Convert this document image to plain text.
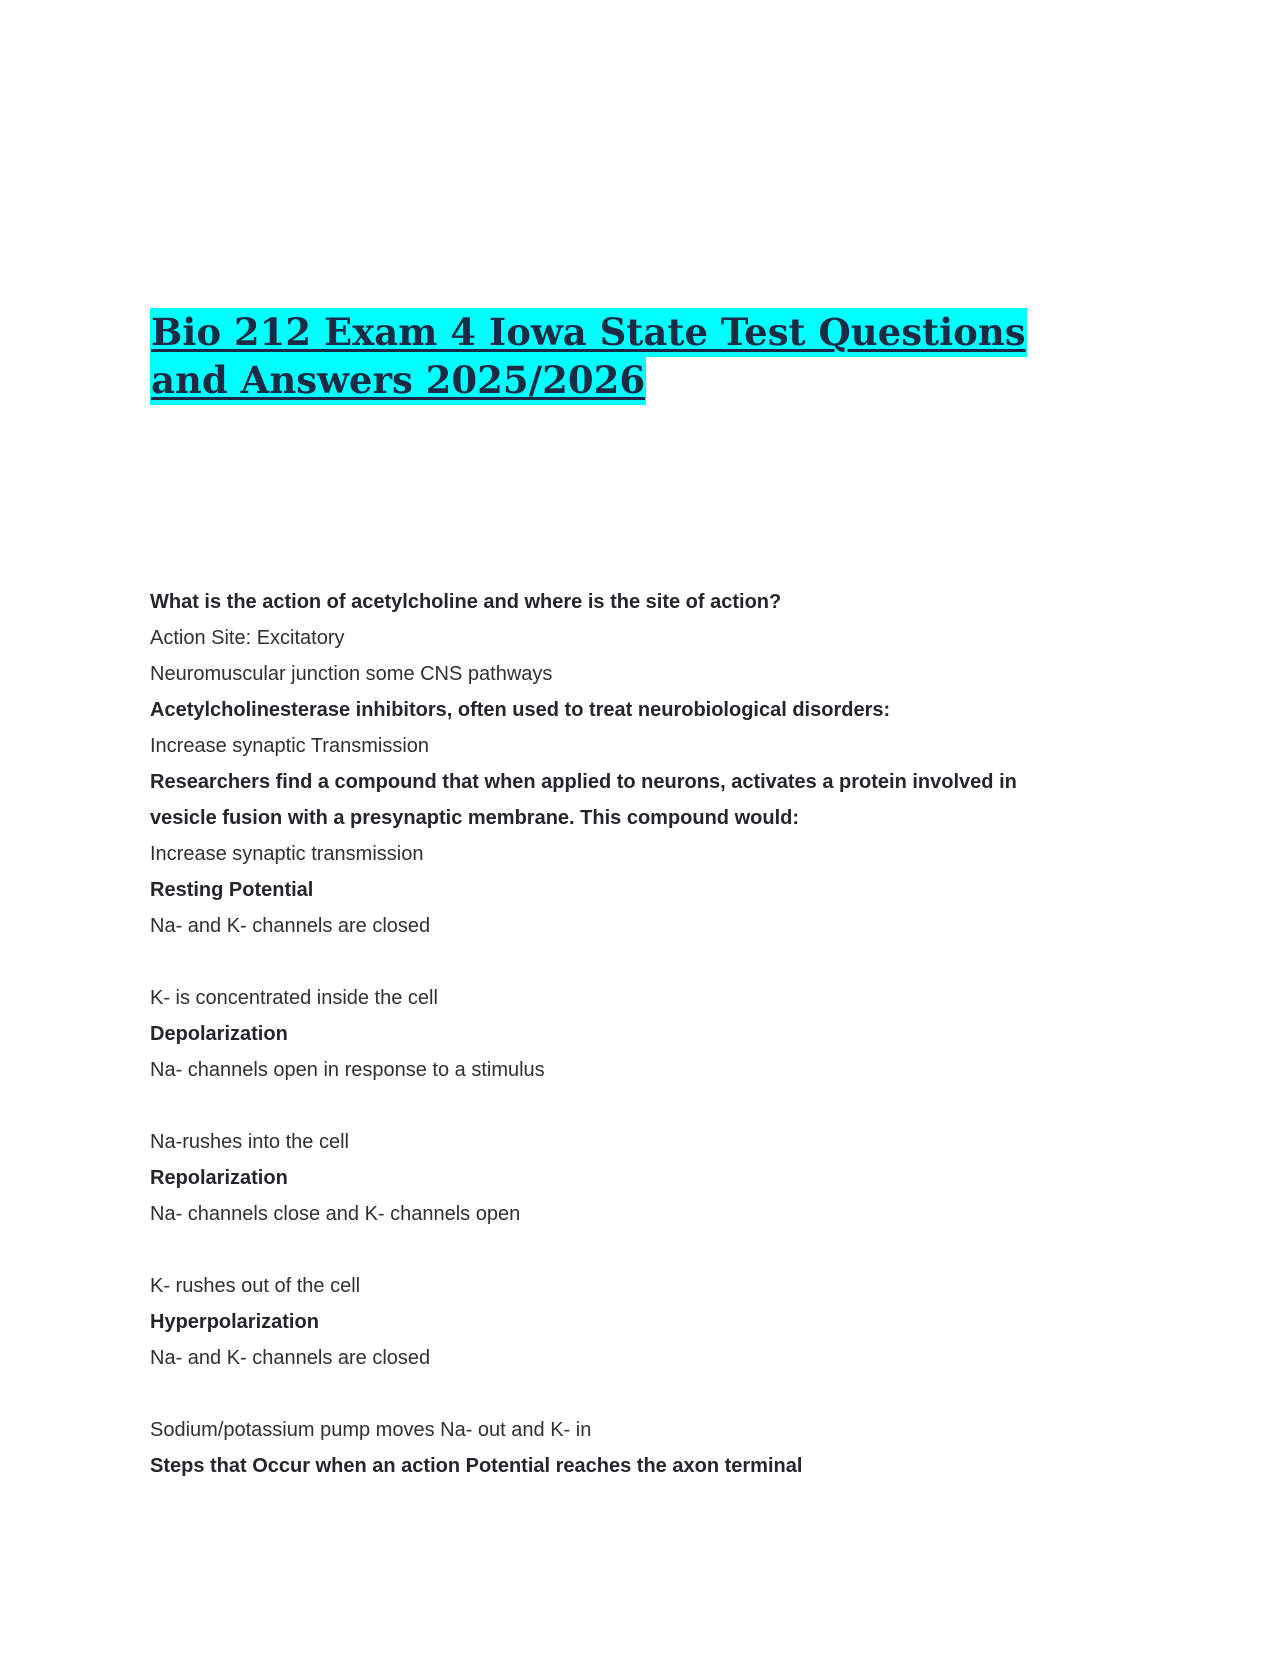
Bio 212 Exam 4 Iowa State Test Questions
and Answers 2025/2026
What is the action of acetylcholine and where is the site of action?
Action Site: Excitatory
Neuromuscular junction some CNS pathways
Acetylcholinesterase inhibitors, often used to treat neurobiological disorders:
Increase synaptic Transmission
Researchers find a compound that when applied to neurons, activates a protein involved in
vesicle fusion with a presynaptic membrane. This compound would:
Increase synaptic transmission
Resting Potential
Na- and K- channels are closed
K- is concentrated inside the cell
Depolarization
Na- channels open in response to a stimulus
Na-rushes into the cell
Repolarization
Na- channels close and K- channels open
K- rushes out of the cell
Hyperpolarization
Na- and K- channels are closed
Sodium/potassium pump moves Na- out and K- in
Steps that Occur when an action Potential reaches the axon terminal
